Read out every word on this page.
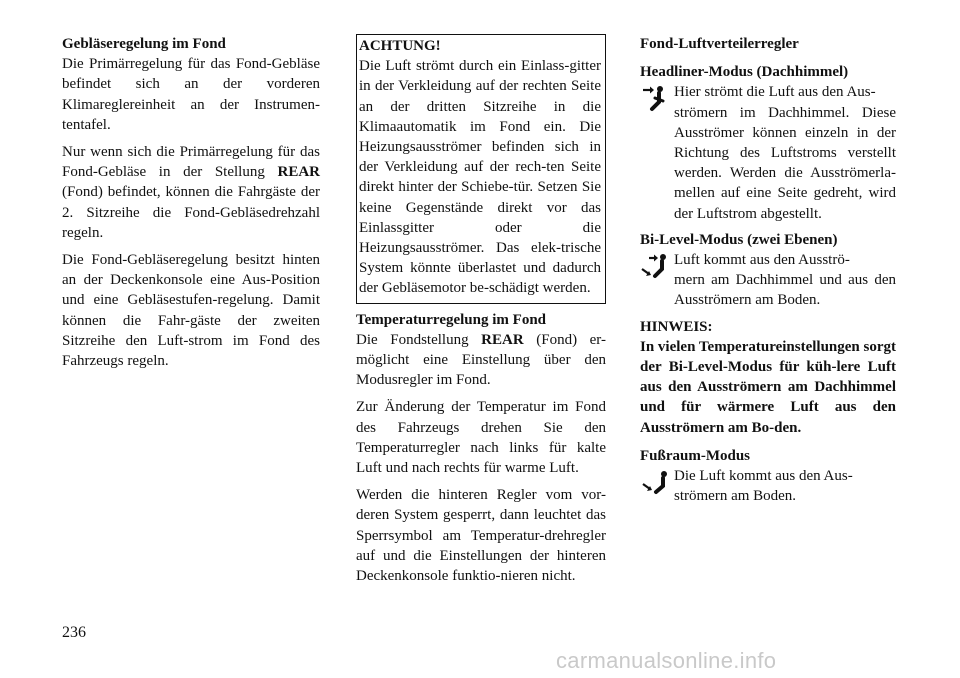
Gebläseregelung im Fond

Die Primärregelung für das Fond-Gebläse befindet sich an der vorderen Klimareglereinheit an der Instrumen-tentafel.

Nur wenn sich die Primärregelung für das Fond-Gebläse in der Stellung REAR (Fond) befindet, können die Fahrgäste der 2. Sitzreihe die Fond-Gebläsedrehzahl regeln.

Die Fond-Gebläseregelung besitzt hinten an der Deckenkonsole eine Aus-Position und eine Gebläsestufen-regelung. Damit können die Fahr-gäste der zweiten Sitzreihe den Luft-strom im Fond des Fahrzeugs regeln.

ACHTUNG!

Die Luft strömt durch ein Einlass-gitter in der Verkleidung auf der rechten Seite an der dritten Sitzreihe in die Klimaautomatik im Fond ein. Die Heizungsausströmer befinden sich in der Verkleidung auf der rech-ten Seite direkt hinter der Schiebe-tür. Setzen Sie keine Gegenstände direkt vor das Einlassgitter oder die Heizungsausströmer. Das elek-trische System könnte überlastet und dadurch der Gebläsemotor be-schädigt werden.

Temperaturregelung im Fond

Die Fondstellung REAR (Fond) er-möglicht eine Einstellung über den Modusregler im Fond.

Zur Änderung der Temperatur im Fond des Fahrzeugs drehen Sie den Temperaturregler nach links für kalte Luft und nach rechts für warme Luft.

Werden die hinteren Regler vom vor-deren System gesperrt, dann leuchtet das Sperrsymbol am Temperatur-drehregler auf und die Einstellungen der hinteren Deckenkonsole funktio-nieren nicht.

Fond-Luftverteilerregler
Headliner-Modus (Dachhimmel)
Hier strömt die Luft aus den Aus-

strömern im Dachhimmel. Diese Ausströmer können einzeln in der Richtung des Luftstroms verstellt werden. Werden die Ausströmerla-mellen auf eine Seite gedreht, wird der Luftstrom abgestellt.

Bi-Level-Modus (zwei Ebenen)
Luft kommt aus den Ausströ-

mern am Dachhimmel und aus den Ausströmern am Boden.

HINWEIS:

In vielen Temperatureinstellungen sorgt der Bi-Level-Modus für küh-lere Luft aus den Ausströmern am Dachhimmel und für wärmere Luft aus den Ausströmern am Bo-den.

Fußraum-Modus
Die Luft kommt aus den Aus-

strömern am Boden.

236
carmanualsonline.info
